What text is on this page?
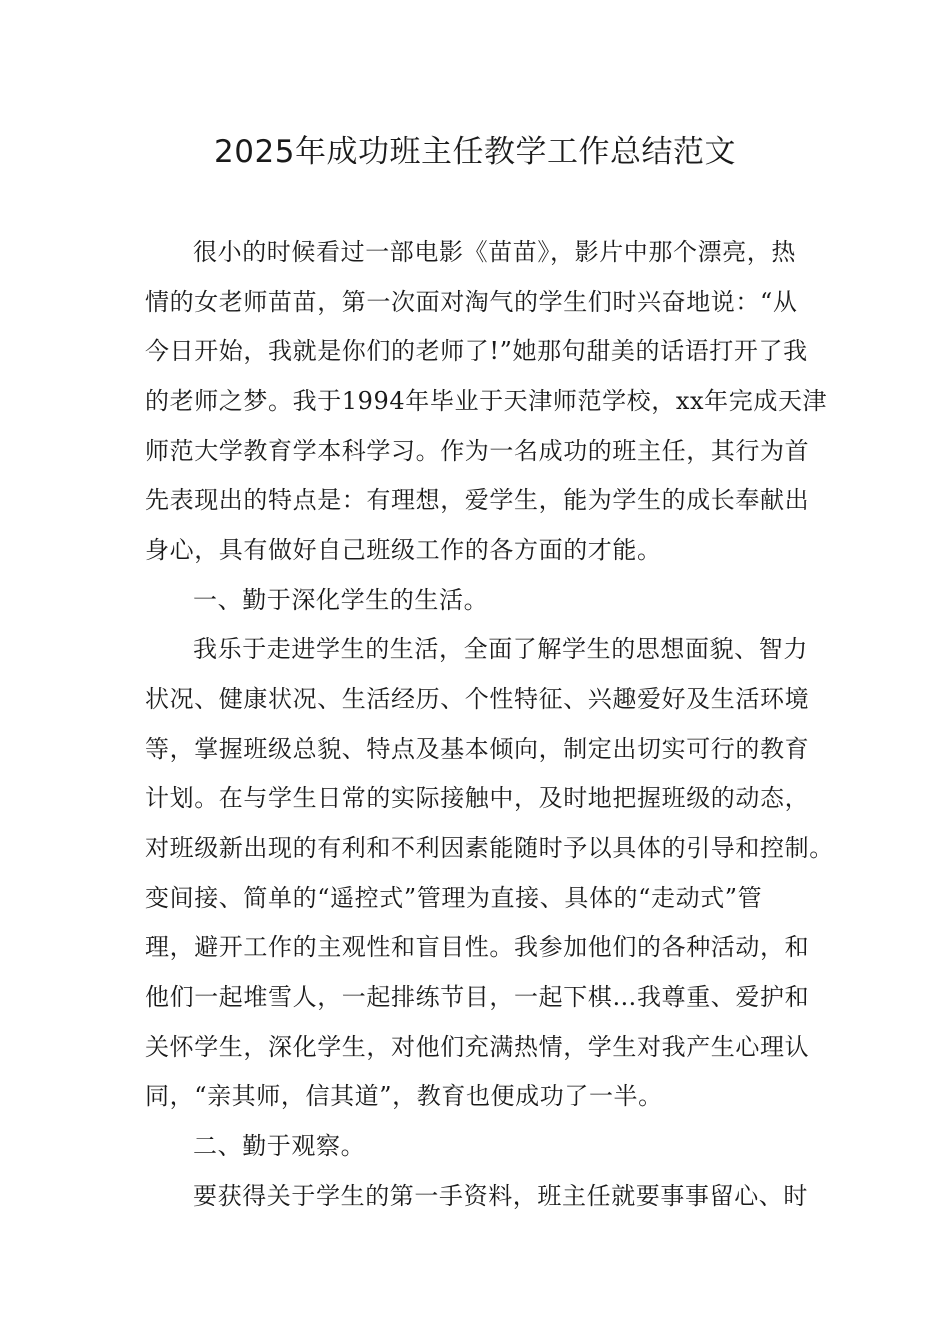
2025年成功班主任教学工作总结范文
很小的时候看过一部电影《苗苗》，影片中那个漂亮，热
情的女老师苗苗，第一次面对淘气的学生们时兴奋地说：“从
今日开始，我就是你们的老师了!”她那句甜美的话语打开了我
的老师之梦。我于1994年毕业于天津师范学校，xx年完成天津
师范大学教育学本科学习。作为一名成功的班主任，其行为首
先表现出的特点是：有理想，爱学生，能为学生的成长奉献出
身心，具有做好自己班级工作的各方面的才能。
一、勤于深化学生的生活。
我乐于走进学生的生活，全面了解学生的思想面貌、智力
状况、健康状况、生活经历、个性特征、兴趣爱好及生活环境
等，掌握班级总貌、特点及基本倾向，制定出切实可行的教育
计划。在与学生日常的实际接触中，及时地把握班级的动态，
对班级新出现的有利和不利因素能随时予以具体的引导和控制。
变间接、简单的“遥控式”管理为直接、具体的“走动式”管
理，避开工作的主观性和盲目性。我参加他们的各种活动，和
他们一起堆雪人，一起排练节目，一起下棋…我尊重、爱护和
关怀学生，深化学生，对他们充满热情，学生对我产生心理认
同，“亲其师，信其道”，教育也便成功了一半。
二、勤于观察。
要获得关于学生的第一手资料，班主任就要事事留心、时
